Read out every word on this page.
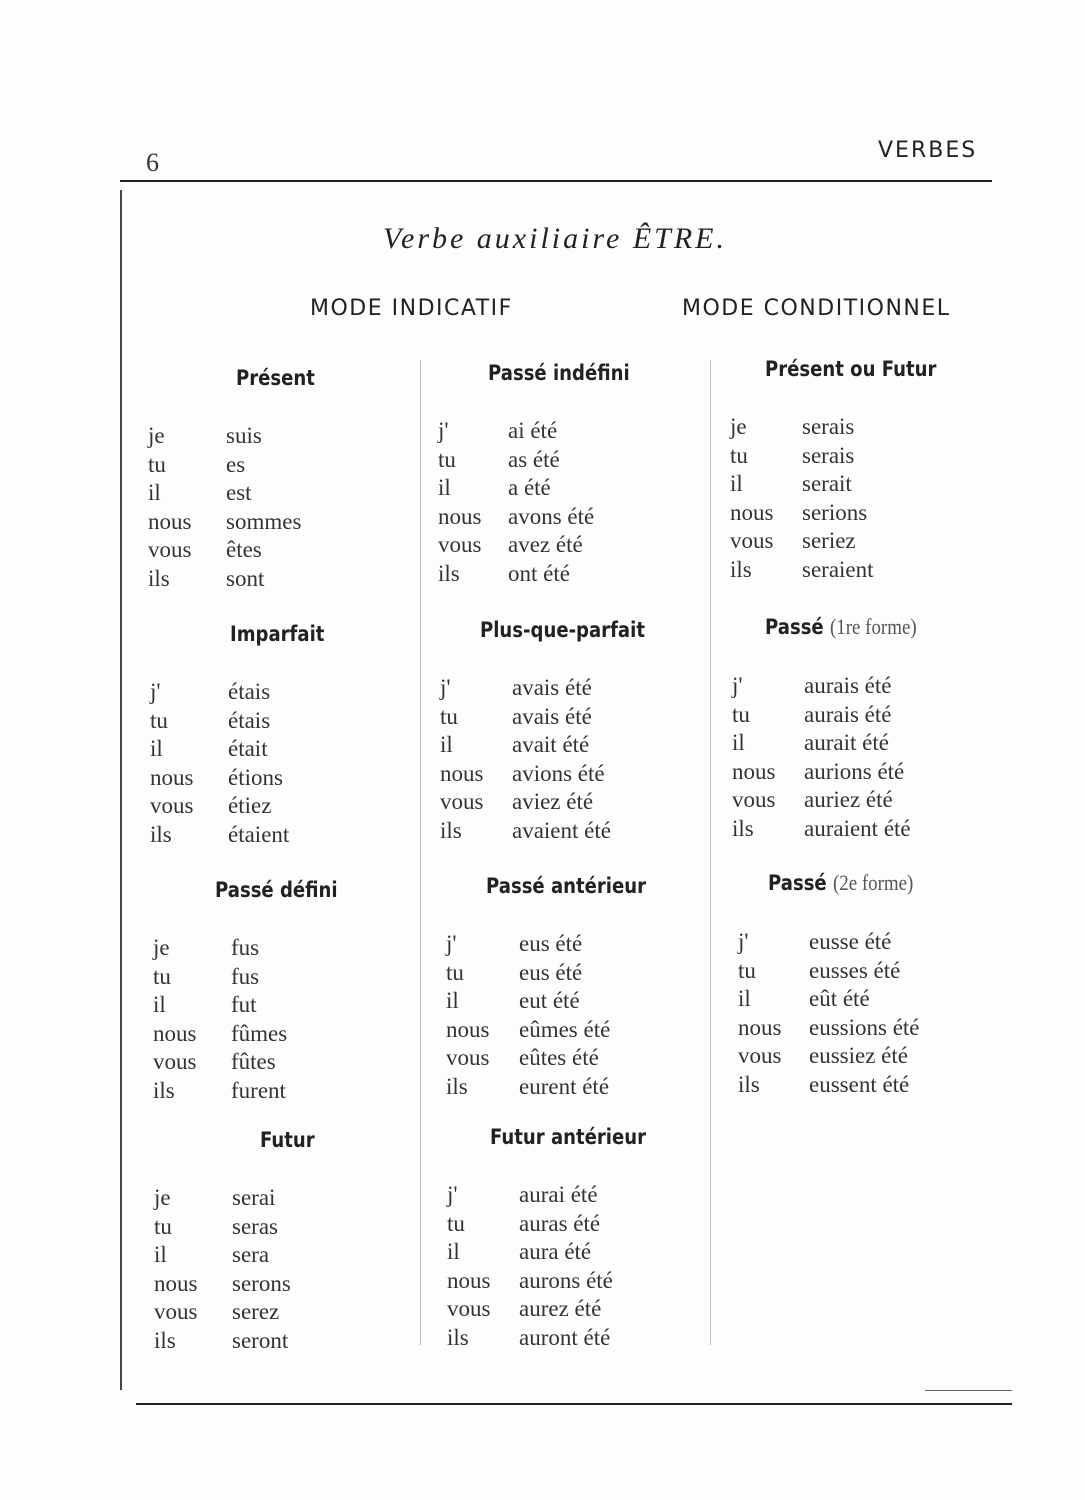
6	VERBES
Verbe auxiliaire ÊTRE.
MODE INDICATIF	MODE CONDITIONNEL
Présent
je	suis
tu	es
il	est
nous sommes
vous êtes
ils sont
Passé indéfini
j'	ai été
tu as été
il a été
nous avons été
vous avez été
ils ont été
Présent ou Futur
je serais
tu serais
il	serait
nous serions
vous seriez
ils seraient
Imparfait
j'	étais
tu	étais
il	était
nous étions
vous étiez
ils étaient
Plus-que-parfait
j'	avais été
tu avais été
il	avait été
nous avions été
vous aviez été
ils avaient été
Passé (1re forme)
j'	aurais été
tu aurais été
il	aurait été
nous aurions été
vous auriez été
ils auraient été
Passé défini
je	fus
tu	fus
il	fut
nous fûmes
vous fûtes
ils furent
Passé antérieur
j'	eus été
tu eus été
il	eut été
nous eûmes été
vous eûtes été
ils eurent été
Passé (2e forme)
j'	eusse été
tu eusses été
il	eût été
nous eussions été
vous eussiez été
ils eussent été
Futur
je	serai
tu	seras
il	sera
nous serons
vous serez
ils seront
Futur antérieur
j'	aurai été
tu auras été
il	aura été
nous aurons été
vous aurez été
ils auront été
